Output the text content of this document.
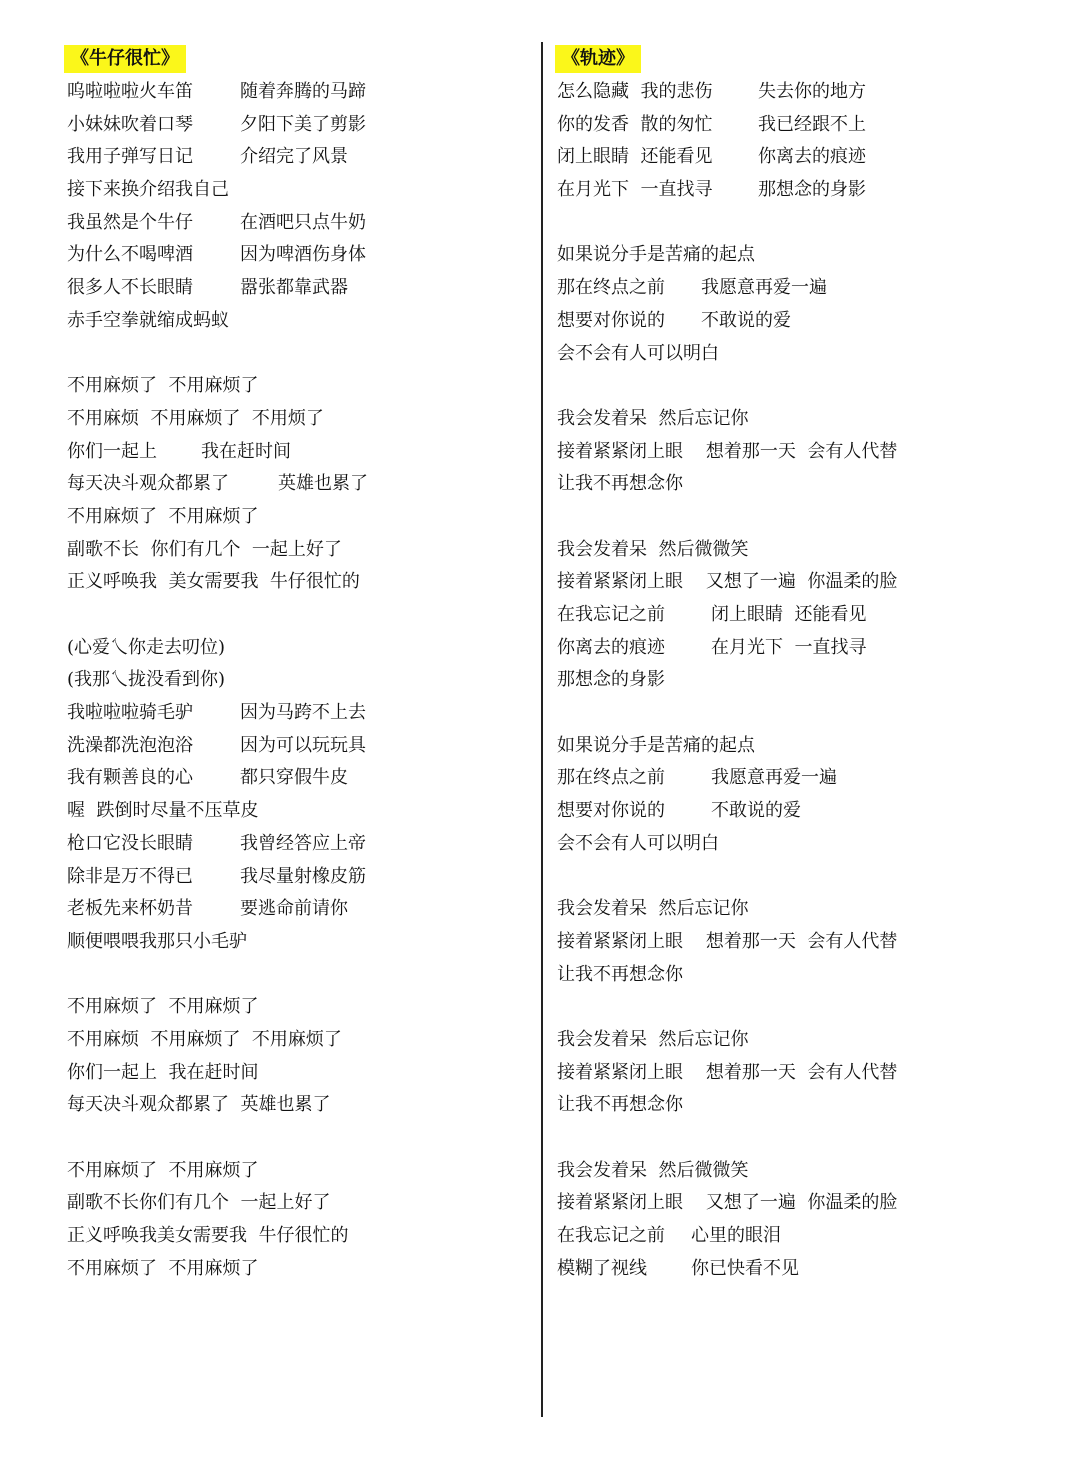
《牛仔很忙》	《轨迹》
呜啦啦啦火车笛	随着奔腾的马蹄
小妹妹吹着口琴	夕阳下美了剪影
我用子弹写日记	介绍完了风景
接下来换介绍我自己
我虽然是个牛仔	在酒吧只点牛奶
为什么不喝啤酒	因为啤酒伤身体
很多人不长眼睛	嚣张都靠武器
赤手空拳就缩成蚂蚁
不用麻烦了  不用麻烦了
不用麻烦  不用麻烦了  不用烦了
你们一起上 我在赶时间
每天决斗观众都累了	英雄也累了
不用麻烦了  不用麻烦了
副歌不长  你们有几个  一起上好了
正义呼唤我  美女需要我  牛仔很忙的
(心爱乀你走去叨位)
(我那乀拢没看到你)
我啦啦啦骑毛驴	因为马跨不上去
洗澡都洗泡泡浴	因为可以玩玩具
我有颗善良的心	都只穿假牛皮
喔  跌倒时尽量不压草皮
枪口它没长眼睛	我曾经答应上帝
除非是万不得已	我尽量射橡皮筋
老板先来杯奶昔	要逃命前请你
顺便喂喂我那只小毛驴
不用麻烦了  不用麻烦了
不用麻烦  不用麻烦了  不用麻烦了
你们一起上  我在赶时间
每天决斗观众都累了  英雄也累了
不用麻烦了  不用麻烦了
副歌不长你们有几个  一起上好了
正义呼唤我美女需要我  牛仔很忙的
不用麻烦了  不用麻烦了
怎么隐藏  我的悲伤	失去你的地方
你的发香  散的匆忙	我已经跟不上
闭上眼睛  还能看见	你离去的痕迹
在月光下  一直找寻	那想念的身影
如果说分手是苦痛的起点
那在终点之前 我愿意再爱一遍
想要对你说的 不敢说的爱
会不会有人可以明白
我会发着呆  然后忘记你
接着紧紧闭上眼    想着那一天  会有人代替
让我不再想念你
我会发着呆  然后微微笑
接着紧紧闭上眼    又想了一遍  你温柔的脸
在我忘记之前	闭上眼睛  还能看见
你离去的痕迹	在月光下  一直找寻
那想念的身影
如果说分手是苦痛的起点
那在终点之前	我愿意再爱一遍
想要对你说的	不敢说的爱
会不会有人可以明白
我会发着呆  然后忘记你
接着紧紧闭上眼    想着那一天  会有人代替
让我不再想念你
我会发着呆  然后忘记你
接着紧紧闭上眼    想着那一天  会有人代替
让我不再想念你
我会发着呆  然后微微笑
接着紧紧闭上眼    又想了一遍  你温柔的脸
在我忘记之前 心里的眼泪
模糊了视线 你已快看不见
